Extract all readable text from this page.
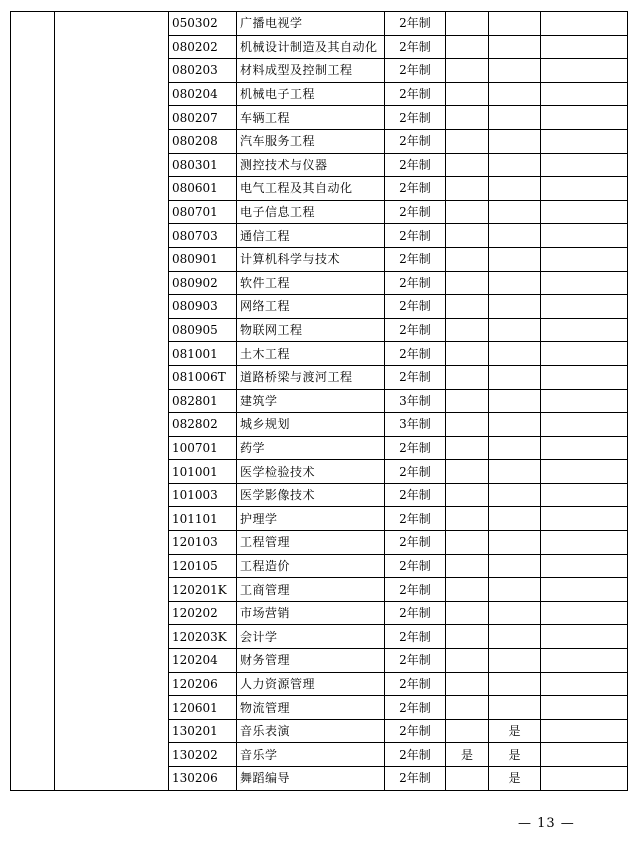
		050302	广播电视学	2年制			
		080202	机械设计制造及其自动化	2年制			
		080203	材料成型及控制工程	2年制			
		080204	机械电子工程	2年制			
		080207	车辆工程	2年制			
		080208	汽车服务工程	2年制			
		080301	测控技术与仪器	2年制			
		080601	电气工程及其自动化	2年制			
		080701	电子信息工程	2年制			
		080703	通信工程	2年制			
		080901	计算机科学与技术	2年制			
		080902	软件工程	2年制			
		080903	网络工程	2年制			
		080905	物联网工程	2年制			
		081001	土木工程	2年制			
		081006T	道路桥梁与渡河工程	2年制			
		082801	建筑学	3年制			
		082802	城乡规划	3年制			
		100701	药学	2年制			
		101001	医学检验技术	2年制			
		101003	医学影像技术	2年制			
		101101	护理学	2年制			
		120103	工程管理	2年制			
		120105	工程造价	2年制			
		120201K	工商管理	2年制			
		120202	市场营销	2年制			
		120203K	会计学	2年制			
		120204	财务管理	2年制			
		120206	人力资源管理	2年制			
		120601	物流管理	2年制			
		130201	音乐表演	2年制		是	
		130202	音乐学	2年制	是	是	
		130206	舞蹈编导	2年制		是	
— 13 —
